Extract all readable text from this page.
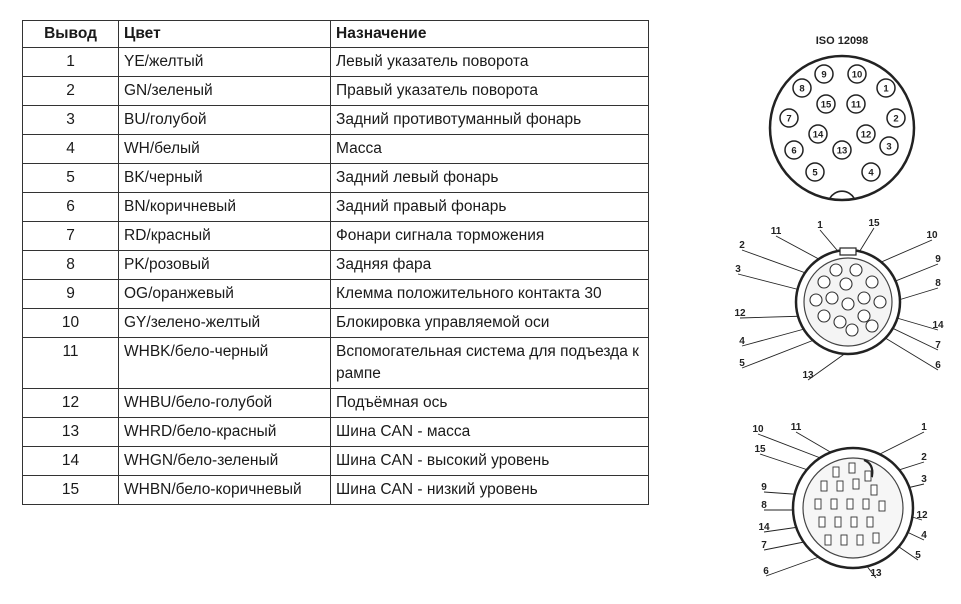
Вывод	Цвет	Назначение
1	YE/желтый	Левый указатель поворота
2	GN/зеленый	Правый указатель поворота
3	BU/голубой	Задний противотуманный фонарь
4	WH/белый	Масса
5	BK/черный	Задний левый фонарь
6	BN/коричневый	Задний правый фонарь
7	RD/красный	Фонари сигнала торможения
8	PK/розовый	Задняя фара
9	OG/оранжевый	Клемма положительного контакта 30
10	GY/зелено-желтый	Блокировка управляемой оси
11	WHBK/бело-черный	Вспомогательная система для подъезда к рампе
12	WHBU/бело-голубой	Подъёмная ось
13	WHRD/бело-красный	Шина CAN - масса
14	WHGN/бело-зеленый	Шина CAN - высокий уровень
15	WHBN/бело-коричневый	Шина CAN - низкий уровень
ISO 12098
1
2
3
4
5
6
7
8
9	10
11
12
13
14
15
1
2
3
4
5	6
7
8
9
10
11
12
13
14
15
1
2
3
4
5
6
7
8
9
10	11
12
13
14
15
